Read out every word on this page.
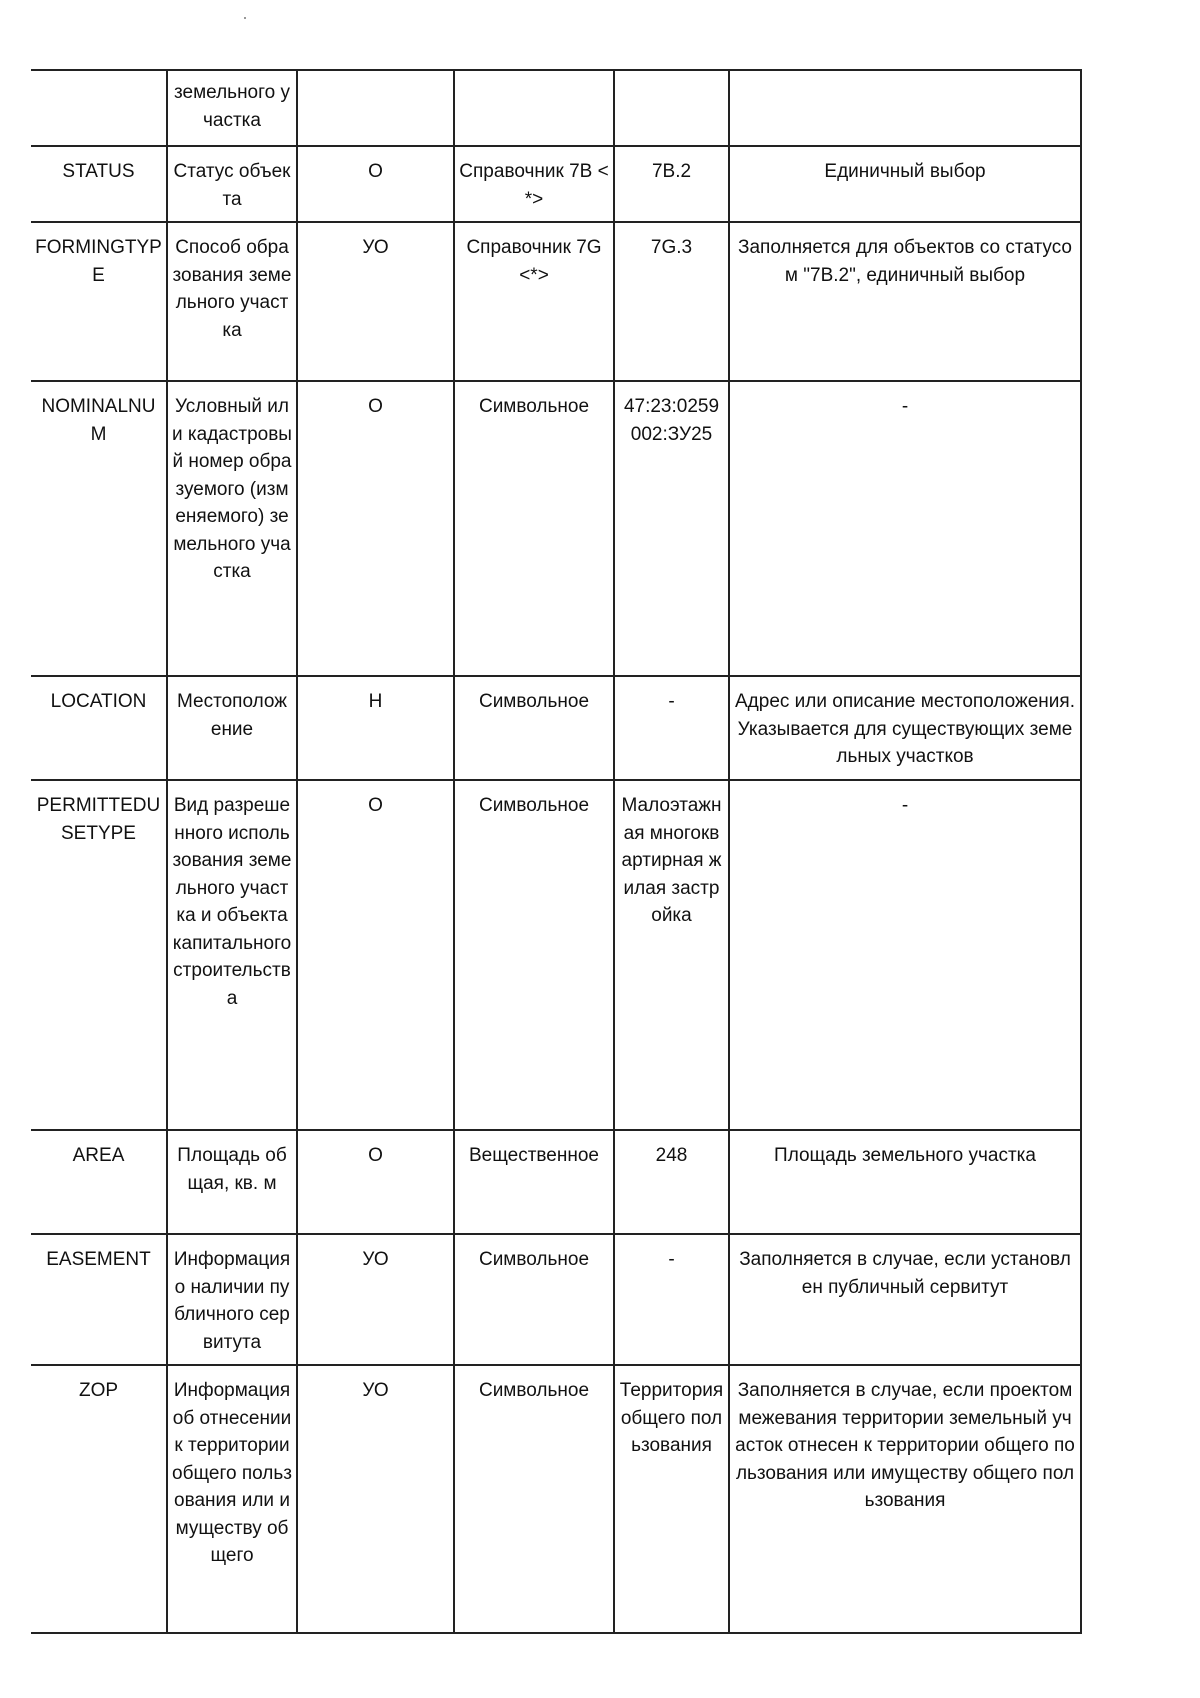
	земельного участка				
STATUS	Статус объекта	О	Справочник 7В <*>	7В.2	Единичный выбор
FORMINGTYPE	Способ образования земельного участка	УО	Справочник 7G <*>	7G.3	Заполняется для объектов со статусом "7В.2", единичный выбор
NOMINALNUM	Условный или кадастровый номер образуемого (изменяемого) земельного участка	О	Символьное	47:23:0259002:ЗУ25	-
LOCATION	Местоположение	Н	Символьное	-	Адрес или описание местоположения. Указывается для существующих земельных участков
PERMITTEDUSETYPE	Вид разрешенного использования земельного участка и объекта капитального строительства	О	Символьное	Малоэтажная многоквартирная жилая застройка	-
AREA	Площадь общая, кв. м	О	Вещественное	248	Площадь земельного участка
EASEMENT	Информация о наличии публичного сервитута	УО	Символьное	-	Заполняется в случае, если установлен публичный сервитут
ZOP	Информация об отнесении к территории общего пользования или имуществу общего	УО	Символьное	Территория общего пользования	Заполняется в случае, если проектом межевания территории земельный участок отнесен к территории общего пользования или имуществу общего пользования
